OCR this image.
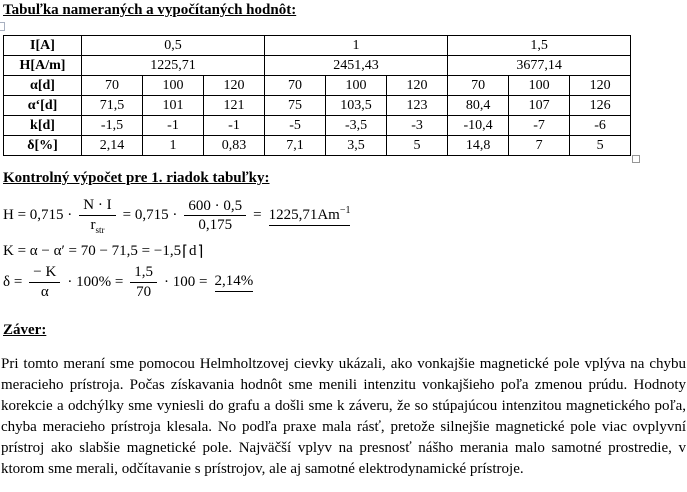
Tabuľka nameraných a vypočítaných hodnôt:
I[A]	0,5			1			1,5		
H[A/m]	1225,71			2451,43			3677,14		
α[d]	70	100	120	70	100	120	70	100	120
α‘[d]	71,5	101	121	75	103,5	123	80,4	107	126
k[d]	-1,5	-1	-1	-5	-3,5	-3	-10,4	-7	-6
δ[%]	2,14	1	0,83	7,1	3,5	5	14,8	7	5
Kontrolný výpočet pre 1. riadok tabuľky:
$H = 0,715 \cdot \frac{N \cdot I}{r_{str}} = 0,715 \cdot \frac{600 \cdot 0,5}{0,175} = 1225,71Am^{-1}$
K = α − α′ = 70 − 71,5 = −1,5 ⌈ d ⌉
$\delta = \frac{- K}{\alpha} \cdot 100\% = \frac{1,5}{70} \cdot 100 = 2,14\%$
Záver:

Pri tomto meraní sme pomocou Helmholtzovej cievky ukázali, ako vonkajšie magnetické pole vplýva na chybu meracieho prístroja. Počas získavania hodnôt sme menili intenzitu vonkajšieho poľa zmenou prúdu. Hodnoty korekcie a odchýlky sme vyniesli do grafu a došli sme k záveru, že so stúpajúcou intenzitou magnetického poľa, chyba meracieho prístroja klesala. No podľa praxe mala rásť, pretože silnejšie magnetické pole viac ovplyvní prístroj ako slabšie magnetické pole. Najväčší vplyv na presnosť nášho merania malo samotné prostredie, v ktorom sme merali, odčítavanie s prístrojov, ale aj samotné elektrodynamické prístroje.
